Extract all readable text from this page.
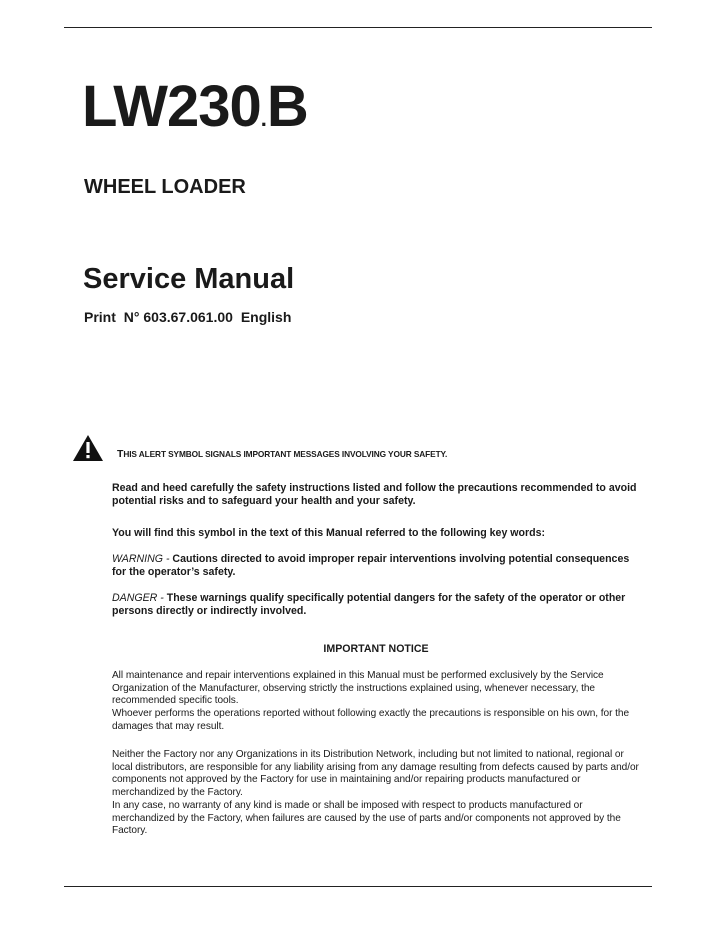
LW230.B
WHEEL LOADER
Service Manual
Print N° 603.67.061.00 English
THIS ALERT SYMBOL SIGNALS IMPORTANT MESSAGES INVOLVING YOUR SAFETY.
Read and heed carefully the safety instructions listed and follow the precautions recommended to avoid potential risks and to safeguard your health and your safety.
You will find this symbol in the text of this Manual referred to the following key words:
WARNING - Cautions directed to avoid improper repair interventions involving potential consequences for the operator’s safety.
DANGER - These warnings qualify specifically potential dangers for the safety of the operator or other persons directly or indirectly involved.
IMPORTANT NOTICE

All maintenance and repair interventions explained in this Manual must be performed exclusively by the Service Organization of the Manufacturer, observing strictly the instructions explained using, whenever necessary, the recommended specific tools.

Whoever performs the operations reported without following exactly the precautions is responsible on his own, for the damages that may result.

Neither the Factory nor any Organizations in its Distribution Network, including but not limited to national, regional or local distributors, are responsible for any liability arising from any damage resulting from defects caused by parts and/or components not approved by the Factory for use in maintaining and/or repairing products manufactured or merchandized by the Factory.

In any case, no warranty of any kind is made or shall be imposed with respect to products manufactured or merchandized by the Factory, when failures are caused by the use of parts and/or components not approved by the Factory.
